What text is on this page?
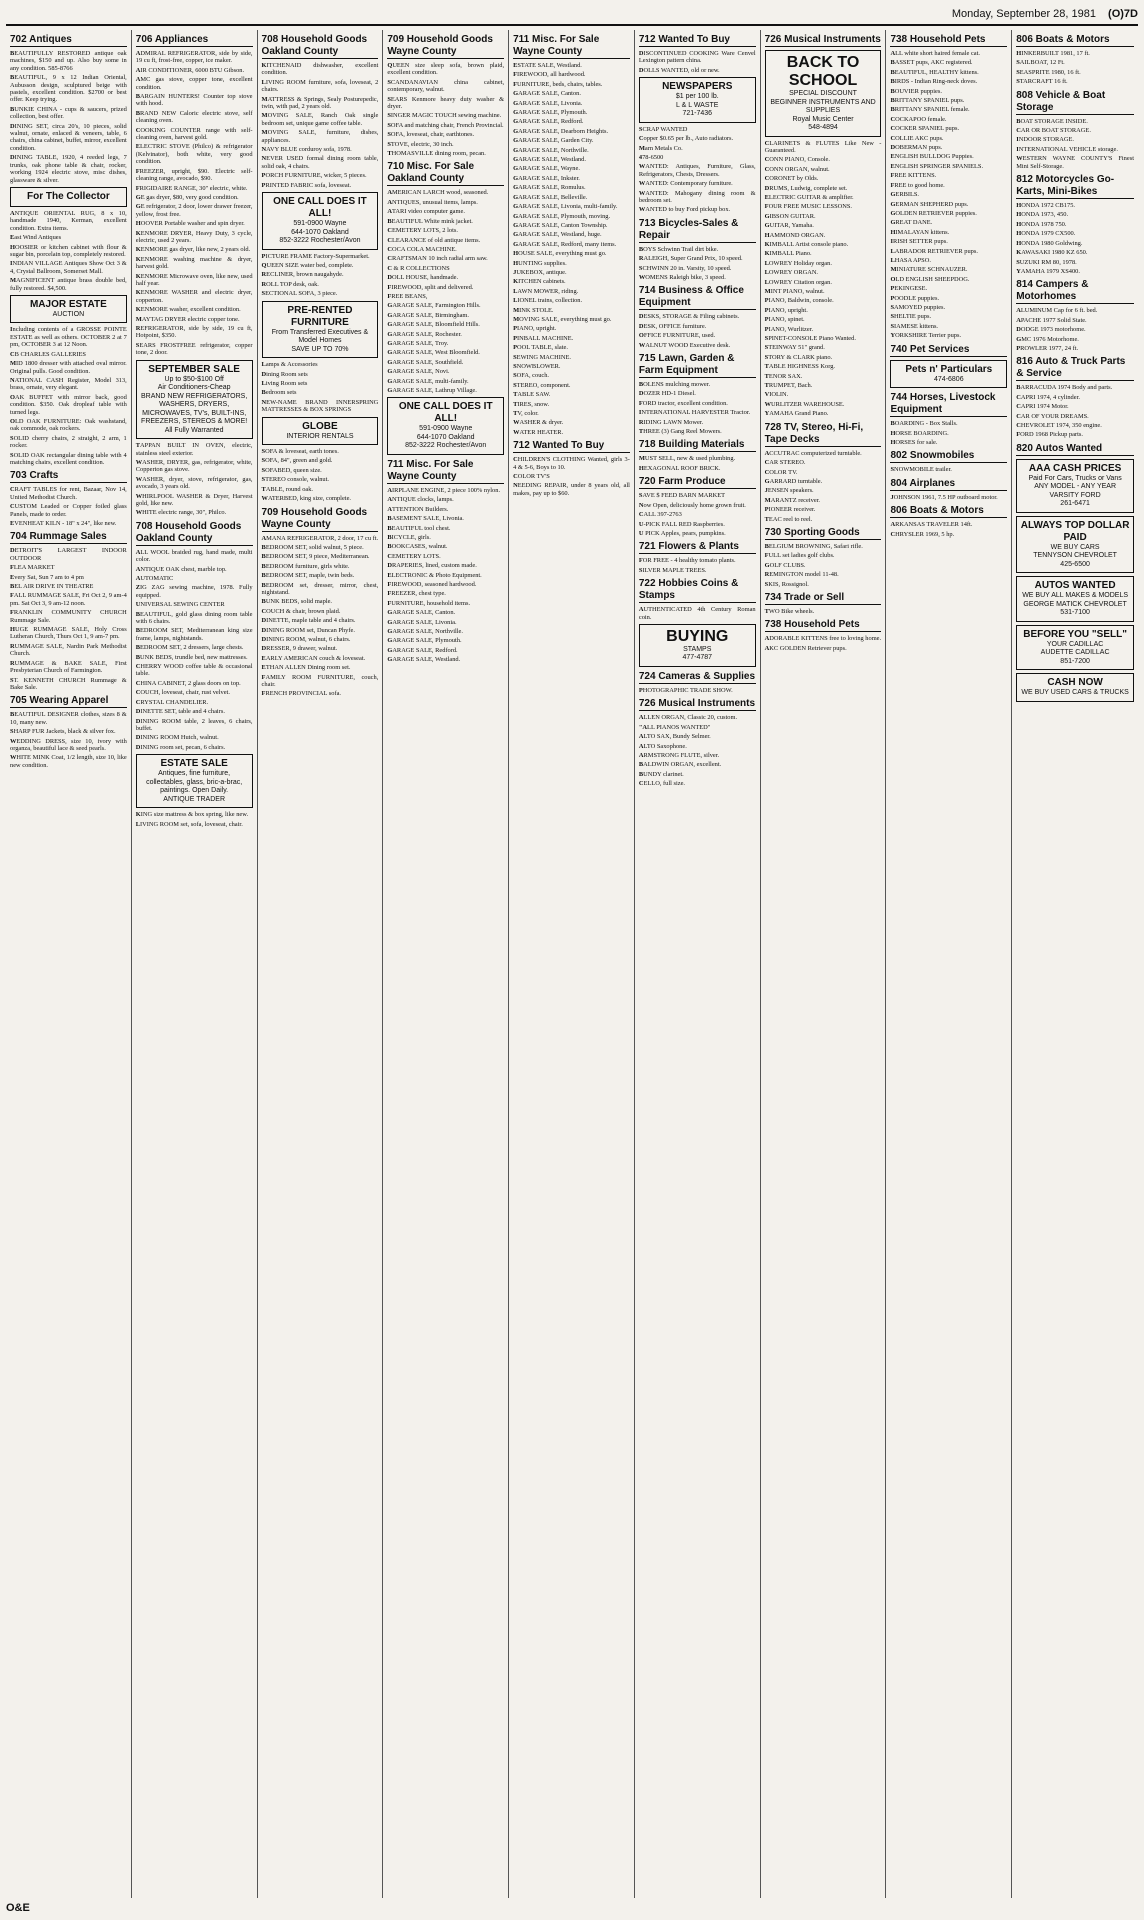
Monday, September 28, 1981 (O)7D
702 Antiques
BEAUTIFULLY RESTORED antique oak machines, $150 and up. Also buy some in any condition. 585-8766
BEAUTIFUL, 9 x 12 Indian Oriental, Aubusson design, sculptured beige with pastels, excellent condition. $2700 or best offer. Keep trying.
BUNKIE CHINA - cups & saucers, prized collection, best offer.
DINING SET, circa 20's, 10 pieces, solid walnut, ornate, enlaced & veneers, table, 6 chairs, china cabinet, buffet, mirror, excellent condition.
DINING TABLE, 1920, 4 reeded legs, 7 trunks, oak phone table & chair, rocker, working 1924 electric stove, misc dishes, glassware & silver.
For The Collector
ANTIQUE ORIENTAL RUG, 8 x 10, handmade 1940, Kerman, excellent condition. Extra items.
East Wind Antiques
HOOSIER or kitchen cabinet with flour & sugar bin, porcelain top, completely restored.
INDIAN VILLAGE Antiques Show Oct 3 & 4, Crystal Ballroom, Somerset Mall.
MAGNIFICENT antique brass double bed, fully restored. $4,500.
MAJOR ESTATE
AUCTION
Including contents of a GROSSE POINTE ESTATE as well as others. OCTOBER 2 at 7 pm, OCTOBER 3 at 12 Noon.
CB CHARLES GALLERIES
MID 1800 dresser with attached oval mirror. Original pulls. Good condition.
NATIONAL CASH Register, Model 313, brass, ornate, very elegant.
OAK BUFFET with mirror back, good condition. $350. Oak dropleaf table with turned legs.
OLD OAK FURNITURE: Oak washstand, oak commode, oak rockers.
SOLID cherry chairs, 2 straight, 2 arm, 1 rocker.
SOLID OAK rectangular dining table with 4 matching chairs, excellent condition.
703 Crafts
CRAFT TABLES for rent, Bazaar, Nov 14, United Methodist Church.
CUSTOM Leaded or Copper foiled glass Panels, made to order.
EVENHEAT KILN - 18" x 24", like new.
704 Rummage Sales
DETROIT'S LARGEST INDOOR OUTDOOR
FLEA MARKET
Every Sat, Sun 7 am to 4 pm
BEL AIR DRIVE IN THEATRE
FALL RUMMAGE SALE, Fri Oct 2, 9 am-4 pm. Sat Oct 3, 9 am-12 noon.
FRANKLIN COMMUNITY CHURCH Rummage Sale.
HUGE RUMMAGE SALE, Holy Cross Lutheran Church, Thurs Oct 1, 9 am-7 pm.
RUMMAGE SALE, Nardin Park Methodist Church.
RUMMAGE & BAKE SALE, First Presbyterian Church of Farmington.
ST. KENNETH CHURCH Rummage & Bake Sale.
705 Wearing Apparel
BEAUTIFUL DESIGNER clothes, sizes 8 & 10, many new.
SHARP FUR Jackets, black & silver fox.
WEDDING DRESS, size 10, ivory with organza, beautiful lace & seed pearls.
WHITE MINK Coat, 1/2 length, size 10, like new condition.
706 Appliances
ADMIRAL REFRIGERATOR, side by side, 19 cu ft, frost-free, copper, ice maker.
AIR CONDITIONER, 6000 BTU Gibson.
AMC gas stove, copper tone, excellent condition.
BARGAIN HUNTERS! Counter top stove with hood.
BRAND NEW Caloric electric stove, self cleaning oven.
COOKING COUNTER range with self-cleaning oven, harvest gold.
ELECTRIC STOVE (Philco) & refrigerator (Kelvinator), both white, very good condition.
FREEZER, upright, $90. Electric self-cleaning range, avocado, $90.
FRIGIDAIRE RANGE, 30" electric, white.
GE gas dryer, $80, very good condition.
GE refrigerator, 2 door, lower drawer freezer, yellow, frost free.
HOOVER Portable washer and spin dryer.
KENMORE DRYER, Heavy Duty, 3 cycle, electric, used 2 years.
KENMORE gas dryer, like new, 2 years old.
KENMORE washing machine & dryer, harvest gold.
KENMORE Microwave oven, like new, used half year.
KENMORE WASHER and electric dryer, copperton.
KENMORE washer, excellent condition.
MAYTAG DRYER electric copper tone.
REFRIGERATOR, side by side, 19 cu ft, Hotpoint, $350.
SEARS FROSTFREE refrigerator, copper tone, 2 door.
SEPTEMBER SALE
Up to $50-$100 Off
Air Conditioners-Cheap
BRAND NEW REFRIGERATORS, WASHERS, DRYERS, MICROWAVES, TV's, BUILT-INS, FREEZERS, STEREOS & MORE!
All Fully Warranted
TAPPAN BUILT IN OVEN, electric, stainless steel exterior.
WASHER, DRYER, gas, refrigerator, white, Copperton gas stove.
WASHER, dryer, stove, refrigerator, gas, avocado, 3 years old.
WHIRLPOOL WASHER & Dryer, Harvest gold, like new.
WHITE electric range, 30", Philco.
708 Household Goods Oakland County
ALL WOOL braided rug, hand made, multi color.
ANTIQUE OAK chest, marble top.
AUTOMATIC
ZIG ZAG sewing machine, 1978. Fully equipped.
UNIVERSAL SEWING CENTER
BEAUTIFUL, gold glass dining room table with 6 chairs.
BEDROOM SET, Mediterranean king size frame, lamps, nightstands.
BEDROOM SET, 2 dressers, large chests.
BUNK BEDS, trundle bed, new mattresses.
CHERRY WOOD coffee table & occasional table.
CHINA CABINET, 2 glass doors on top.
COUCH, loveseat, chair, rust velvet.
CRYSTAL CHANDELIER.
DINETTE SET, table and 4 chairs.
DINING ROOM table, 2 leaves, 6 chairs, buffet.
DINING ROOM Hutch, walnut.
DINING room set, pecan, 6 chairs.
ESTATE SALE
Antiques, fine furniture, collectables, glass, bric-a-brac, paintings. Open Daily.
ANTIQUE TRADER
KING size mattress & box spring, like new.
LIVING ROOM set, sofa, loveseat, chair.
708 Household Goods Oakland County
KITCHENAID dishwasher, excellent condition.
LIVING ROOM furniture, sofa, loveseat, 2 chairs.
MATTRESS & Springs, Sealy Posturepedic, twin, with pad, 2 years old.
MOVING SALE, Ranch Oak single bedroom set, unique game coffee table.
MOVING SALE, furniture, dishes, appliances.
NAVY BLUE corduroy sofa, 1978.
NEVER USED formal dining room table, solid oak, 4 chairs.
PORCH FURNITURE, wicker, 5 pieces.
PRINTED FABRIC sofa, loveseat.
ONE CALL DOES IT ALL!
591-0900 Wayne
644-1070 Oakland
852-3222 Rochester/Avon
PICTURE FRAME Factory-Supermarket.
QUEEN SIZE water bed, complete.
RECLINER, brown naugahyde.
ROLL TOP desk, oak.
SECTIONAL SOFA, 3 piece.
PRE-RENTED FURNITURE
From Transferred Executives & Model Homes
SAVE UP TO 70%
Lamps & Accessories
Dining Room sets
Living Room sets
Bedroom sets
NEW-NAME BRAND INNERSPRING MATTRESSES & BOX SPRINGS
GLOBE
INTERIOR RENTALS
SOFA & loveseat, earth tones.
SOFA, 84", green and gold.
SOFABED, queen size.
STEREO console, walnut.
TABLE, round oak.
WATERBED, king size, complete.
709 Household Goods Wayne County
AMANA REFRIGERATOR, 2 door, 17 cu ft.
BEDROOM SET, solid walnut, 5 piece.
BEDROOM SET, 9 piece, Mediterranean.
BEDROOM furniture, girls white.
BEDROOM SET, maple, twin beds.
BEDROOM set, dresser, mirror, chest, nightstand.
BUNK BEDS, solid maple.
COUCH & chair, brown plaid.
DINETTE, maple table and 4 chairs.
DINING ROOM set, Duncan Phyfe.
DINING ROOM, walnut, 6 chairs.
DRESSER, 9 drawer, walnut.
EARLY AMERICAN couch & loveseat.
ETHAN ALLEN Dining room set.
FAMILY ROOM FURNITURE, couch, chair.
FRENCH PROVINCIAL sofa.
709 Household Goods Wayne County
QUEEN size sleep sofa, brown plaid, excellent condition.
SCANDANAVIAN china cabinet, contemporary, walnut.
SEARS Kenmore heavy duty washer & dryer.
SINGER MAGIC TOUCH sewing machine.
SOFA and matching chair, French Provincial.
SOFA, loveseat, chair, earthtones.
STOVE, electric, 30 inch.
THOMASVILLE dining room, pecan.
710 Misc. For Sale Oakland County
AMERICAN LARCH wood, seasoned.
ANTIQUES, unusual items, lamps.
ATARI video computer game.
BEAUTIFUL White mink jacket.
CEMETERY LOTS, 2 lots.
CLEARANCE of old antique items.
COCA COLA MACHINE.
CRAFTSMAN 10 inch radial arm saw.
C & R COLLECTIONS
DOLL HOUSE, handmade.
FIREWOOD, split and delivered.
FREE BEANS,
GARAGE SALE, Farmington Hills.
GARAGE SALE, Birmingham.
GARAGE SALE, Bloomfield Hills.
GARAGE SALE, Rochester.
GARAGE SALE, Troy.
GARAGE SALE, West Bloomfield.
GARAGE SALE, Southfield.
GARAGE SALE, Novi.
GARAGE SALE, multi-family.
GARAGE SALE, Lathrup Village.
ONE CALL DOES IT ALL!
591-0900 Wayne
644-1070 Oakland
852-3222 Rochester/Avon
711 Misc. For Sale Wayne County
AIRPLANE ENGINE, 2 piece 100% nylon.
ANTIQUE clocks, lamps.
ATTENTION Builders.
BASEMENT SALE, Livonia.
BEAUTIFUL tool chest.
BICYCLE, girls.
BOOKCASES, walnut.
CEMETERY LOTS.
DRAPERIES, lined, custom made.
ELECTRONIC & Photo Equipment.
FIREWOOD, seasoned hardwood.
FREEZER, chest type.
FURNITURE, household items.
GARAGE SALE, Canton.
GARAGE SALE, Livonia.
GARAGE SALE, Northville.
GARAGE SALE, Plymouth.
GARAGE SALE, Redford.
GARAGE SALE, Westland.
711 Misc. For Sale Wayne County
ESTATE SALE, Westland.
FIREWOOD, all hardwood.
FURNITURE, beds, chairs, tables.
GARAGE SALE, Canton.
GARAGE SALE, Livonia.
GARAGE SALE, Plymouth.
GARAGE SALE, Redford.
GARAGE SALE, Dearborn Heights.
GARAGE SALE, Garden City.
GARAGE SALE, Northville.
GARAGE SALE, Westland.
GARAGE SALE, Wayne.
GARAGE SALE, Inkster.
GARAGE SALE, Romulus.
GARAGE SALE, Belleville.
GARAGE SALE, Livonia, multi-family.
GARAGE SALE, Plymouth, moving.
GARAGE SALE, Canton Township.
GARAGE SALE, Westland, huge.
GARAGE SALE, Redford, many items.
HOUSE SALE, everything must go.
HUNTING supplies.
JUKEBOX, antique.
KITCHEN cabinets.
LAWN MOWER, riding.
LIONEL trains, collection.
MINK STOLE.
MOVING SALE, everything must go.
PIANO, upright.
PINBALL MACHINE.
POOL TABLE, slate.
SEWING MACHINE.
SNOWBLOWER.
SOFA, couch.
STEREO, component.
TABLE SAW.
TIRES, snow.
TV, color.
WASHER & dryer.
WATER HEATER.
712 Wanted To Buy
CHILDREN'S CLOTHING Wanted, girls 3-4 & 5-6, Boys to 10.
COLOR TV'S
NEEDING REPAIR, under 8 years old, all makes, pay up to $60.
712 Wanted To Buy
DISCONTINUED COOKING Ware Cenvel Lexington pattern china.
DOLLS WANTED, old or new.
NEWSPAPERS
$1 per 100 lb.
L & L WASTE
721-7436
SCRAP WANTED
Copper $0.65 per lb., Auto radiators.
Marn Metals Co.
478-6500
WANTED: Antiques, Furniture, Glass, Refrigerators, Chests, Dressers.
WANTED: Contemporary furniture.
WANTED: Mahogany dining room & bedroom set.
WANTED to buy Ford pickup box.
713 Bicycles-Sales & Repair
BOYS Schwinn Trail dirt bike.
RALEIGH, Super Grand Prix, 10 speed.
SCHWINN 20 in. Varsity, 10 speed.
WOMENS Raleigh bike, 3 speed.
714 Business & Office Equipment
DESKS, STORAGE & Filing cabinets.
DESK, OFFICE furniture.
OFFICE FURNITURE, used.
WALNUT WOOD Executive desk.
715 Lawn, Garden & Farm Equipment
BOLENS mulching mower.
DOZER HD-1 Diesel.
FORD tractor, excellent condition.
INTERNATIONAL HARVESTER Tractor.
RIDING LAWN Mower.
THREE (3) Gang Reel Mowers.
718 Building Materials
MUST SELL, new & used plumbing.
HEXAGONAL ROOF BRICK.
720 Farm Produce
SAVE $ FEED BARN MARKET
Now Open, deliciously home grown fruit.
CALL 397-2763
U-PICK FALL RED Raspberries.
U PICK Apples, pears, pumpkins.
721 Flowers & Plants
FOR FREE - 4 healthy tomato plants.
SILVER MAPLE TREES.
722 Hobbies Coins & Stamps
AUTHENTICATED 4th Century Roman coin.
BUYING
STAMPS
477-4787
724 Cameras & Supplies
PHOTOGRAPHIC TRADE SHOW.
726 Musical Instruments
ALLEN ORGAN, Classic 20, custom.
"ALL PIANOS WANTED"
ALTO SAX, Bundy Selmer.
ALTO Saxophone.
ARMSTRONG FLUTE, silver.
BALDWIN ORGAN, excellent.
BUNDY clarinet.
CELLO, full size.
726 Musical Instruments
BACK TO SCHOOL
SPECIAL DISCOUNT
BEGINNER INSTRUMENTS AND SUPPLIES
Royal Music Center
548-4894
CLARINETS & FLUTES Like New - Guaranteed.
CONN PIANO, Console.
CONN ORGAN, walnut.
CORONET by Olds.
DRUMS, Ludwig, complete set.
ELECTRIC GUITAR & amplifier.
FOUR FREE MUSIC LESSONS.
GIBSON GUITAR.
GUITAR, Yamaha.
HAMMOND ORGAN.
KIMBALL Artist console piano.
KIMBALL Piano.
LOWREY Holiday organ.
LOWREY ORGAN.
LOWREY Citation organ.
MINT PIANO, walnut.
PIANO, Baldwin, console.
PIANO, upright.
PIANO, spinet.
PIANO, Wurlitzer.
SPINET-CONSOLE Piano Wanted.
STEINWAY 51" grand.
STORY & CLARK piano.
TABLE HIGHNESS Korg.
TENOR SAX.
TRUMPET, Bach.
VIOLIN.
WURLITZER WAREHOUSE.
YAMAHA Grand Piano.
728 TV, Stereo, Hi-Fi, Tape Decks
ACCUTRAC computerized turntable.
CAR STEREO.
COLOR TV.
GARRARD turntable.
JENSEN speakers.
MARANTZ receiver.
PIONEER receiver.
TEAC reel to reel.
730 Sporting Goods
BELGIUM BROWNING, Safari rifle.
FULL set ladies golf clubs.
GOLF CLUBS.
REMINGTON model 11-48.
SKIS, Rossignol.
734 Trade or Sell
TWO Bike wheels.
738 Household Pets
ADORABLE KITTENS free to loving home.
AKC GOLDEN Retriever pups.
738 Household Pets
ALL white short haired female cat.
BASSET pups, AKC registered.
BEAUTIFUL, HEALTHY kittens.
BIRDS - Indian Ring-neck doves.
BOUVIER puppies.
BRITTANY SPANIEL pups.
BRITTANY SPANIEL female.
COCKAPOO female.
COCKER SPANIEL pups.
COLLIE AKC pups.
DOBERMAN pups.
ENGLISH BULLDOG Puppies.
ENGLISH SPRINGER SPANIELS.
FREE KITTENS.
FREE to good home.
GERBILS.
GERMAN SHEPHERD pups.
GOLDEN RETRIEVER puppies.
GREAT DANE.
HIMALAYAN kittens.
IRISH SETTER pups.
LABRADOR RETRIEVER pups.
LHASA APSO.
MINIATURE SCHNAUZER.
OLD ENGLISH SHEEPDOG.
PEKINGESE.
POODLE puppies.
SAMOYED puppies.
SHELTIE pups.
SIAMESE kittens.
YORKSHIRE Terrier pups.
740 Pet Services
Pets n' Particulars
474-6806
744 Horses, Livestock Equipment
BOARDING - Box Stalls.
HORSE BOARDING.
HORSES for sale.
802 Snowmobiles
SNOWMOBILE trailer.
804 Airplanes
JOHNSON 1961, 7.5 HP outboard motor.
806 Boats & Motors
ARKANSAS TRAVELER 14ft.
CHRYSLER 1969, 5 hp.
806 Boats & Motors
HINKERBUILT 1981, 17 ft.
SAILBOAT, 12 Ft.
SEASPRITE 1980, 16 ft.
STARCRAFT 16 ft.
808 Vehicle & Boat Storage
BOAT STORAGE INSIDE.
CAR OR BOAT STORAGE.
INDOOR STORAGE.
INTERNATIONAL VEHICLE storage.
WESTERN WAYNE COUNTY'S Finest Mini Self-Storage.
812 Motorcycles Go-Karts, Mini-Bikes
HONDA 1972 CB175.
HONDA 1973, 450.
HONDA 1978 750.
HONDA 1979 CX500.
HONDA 1980 Goldwing.
KAWASAKI 1980 KZ 650.
SUZUKI RM 80, 1978.
YAMAHA 1979 XS400.
814 Campers & Motorhomes
ALUMINUM Cap for 6 ft. bed.
APACHE 1977 Solid State.
DODGE 1973 motorhome.
GMC 1976 Motorhome.
PROWLER 1977, 24 ft.
816 Auto & Truck Parts & Service
BARRACUDA 1974 Body and parts.
CAPRI 1974, 4 cylinder.
CAPRI 1974 Motor.
CAR OF YOUR DREAMS.
CHEVROLET 1974, 350 engine.
FORD 1968 Pickup parts.
820 Autos Wanted
AAA CASH PRICES
Paid For Cars, Trucks or Vans
ANY MODEL - ANY YEAR
VARSITY FORD
261-6471
ALWAYS TOP DOLLAR PAID
WE BUY CARS
TENNYSON CHEVROLET
425-6500
AUTOS WANTED
WE BUY ALL MAKES & MODELS
GEORGE MATICK CHEVROLET
531-7100
BEFORE YOU "SELL"
YOUR CADILLAC
AUDETTE CADILLAC
851-7200
CASH NOW
WE BUY USED CARS & TRUCKS
O&E
